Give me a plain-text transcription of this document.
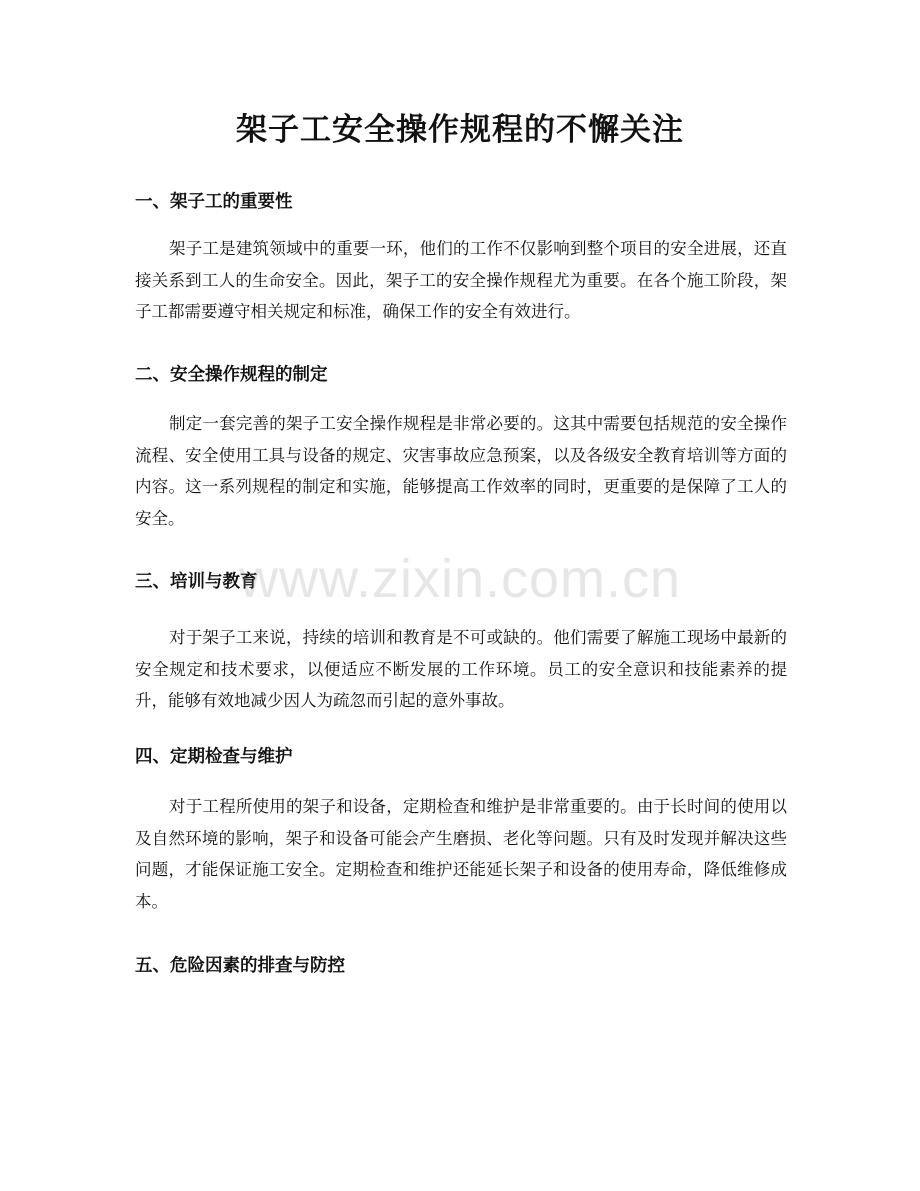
架子工安全操作规程的不懈关注
一、架子工的重要性
架子工是建筑领域中的重要一环，他们的工作不仅影响到整个项目的安全进展，还直接关系到工人的生命安全。因此，架子工的安全操作规程尤为重要。在各个施工阶段，架子工都需要遵守相关规定和标准，确保工作的安全有效进行。
二、安全操作规程的制定
制定一套完善的架子工安全操作规程是非常必要的。这其中需要包括规范的安全操作流程、安全使用工具与设备的规定、灾害事故应急预案，以及各级安全教育培训等方面的内容。这一系列规程的制定和实施，能够提高工作效率的同时，更重要的是保障了工人的安全。
三、培训与教育
对于架子工来说，持续的培训和教育是不可或缺的。他们需要了解施工现场中最新的安全规定和技术要求，以便适应不断发展的工作环境。员工的安全意识和技能素养的提升，能够有效地减少因人为疏忽而引起的意外事故。
四、定期检查与维护
对于工程所使用的架子和设备，定期检查和维护是非常重要的。由于长时间的使用以及自然环境的影响，架子和设备可能会产生磨损、老化等问题。只有及时发现并解决这些问题，才能保证施工安全。定期检查和维护还能延长架子和设备的使用寿命，降低维修成本。
五、危险因素的排查与防控
www.zixin.com.cn
